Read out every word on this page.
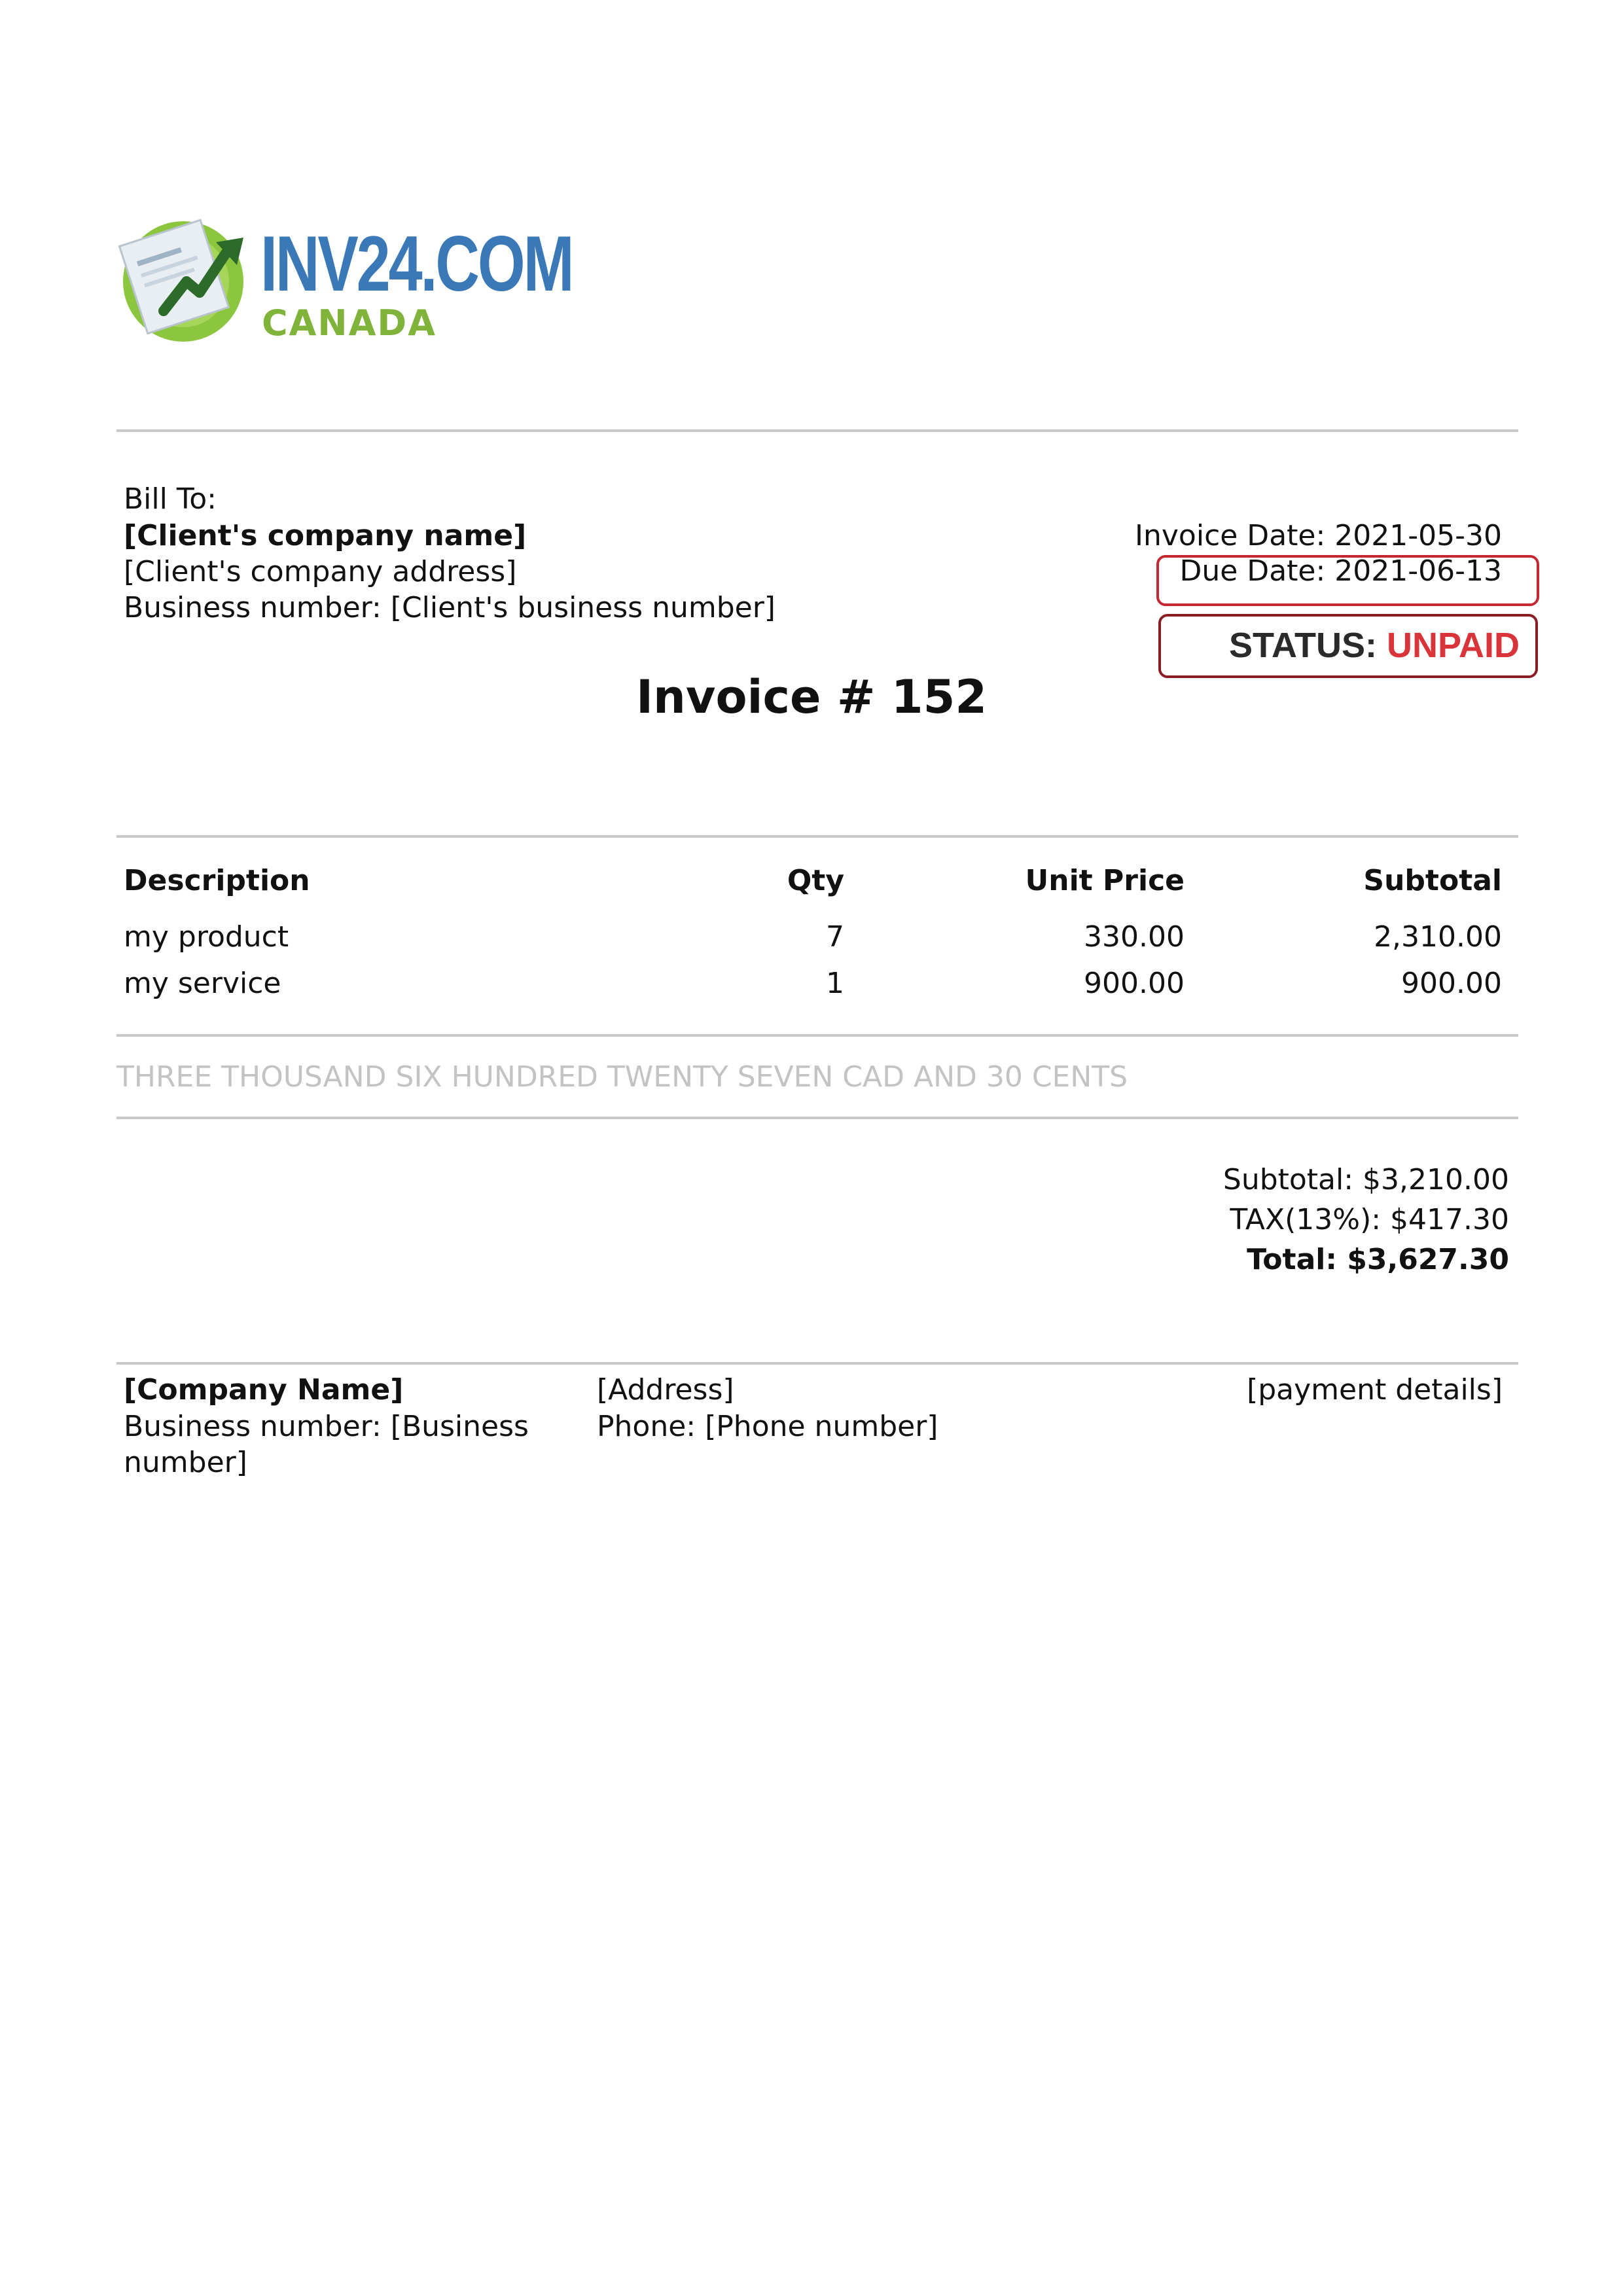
INV24.COM
CANADA
Bill To:
[Client's company name]
[Client's company address]
Business number: [Client's business number]
Invoice Date: 2021-05-30
Due Date: 2021-06-13
STATUS: UNPAID
Invoice # 152
Description	Qty	Unit Price	Subtotal
my product	7	330.00	2,310.00
my service	1	900.00	900.00
THREE THOUSAND SIX HUNDRED TWENTY SEVEN CAD AND 30 CENTS
Subtotal: $3,210.00
TAX(13%): $417.30
Total: $3,627.30
[Company Name]
Business number: [Business
number]
[Address]
Phone: [Phone number]
[payment details]
